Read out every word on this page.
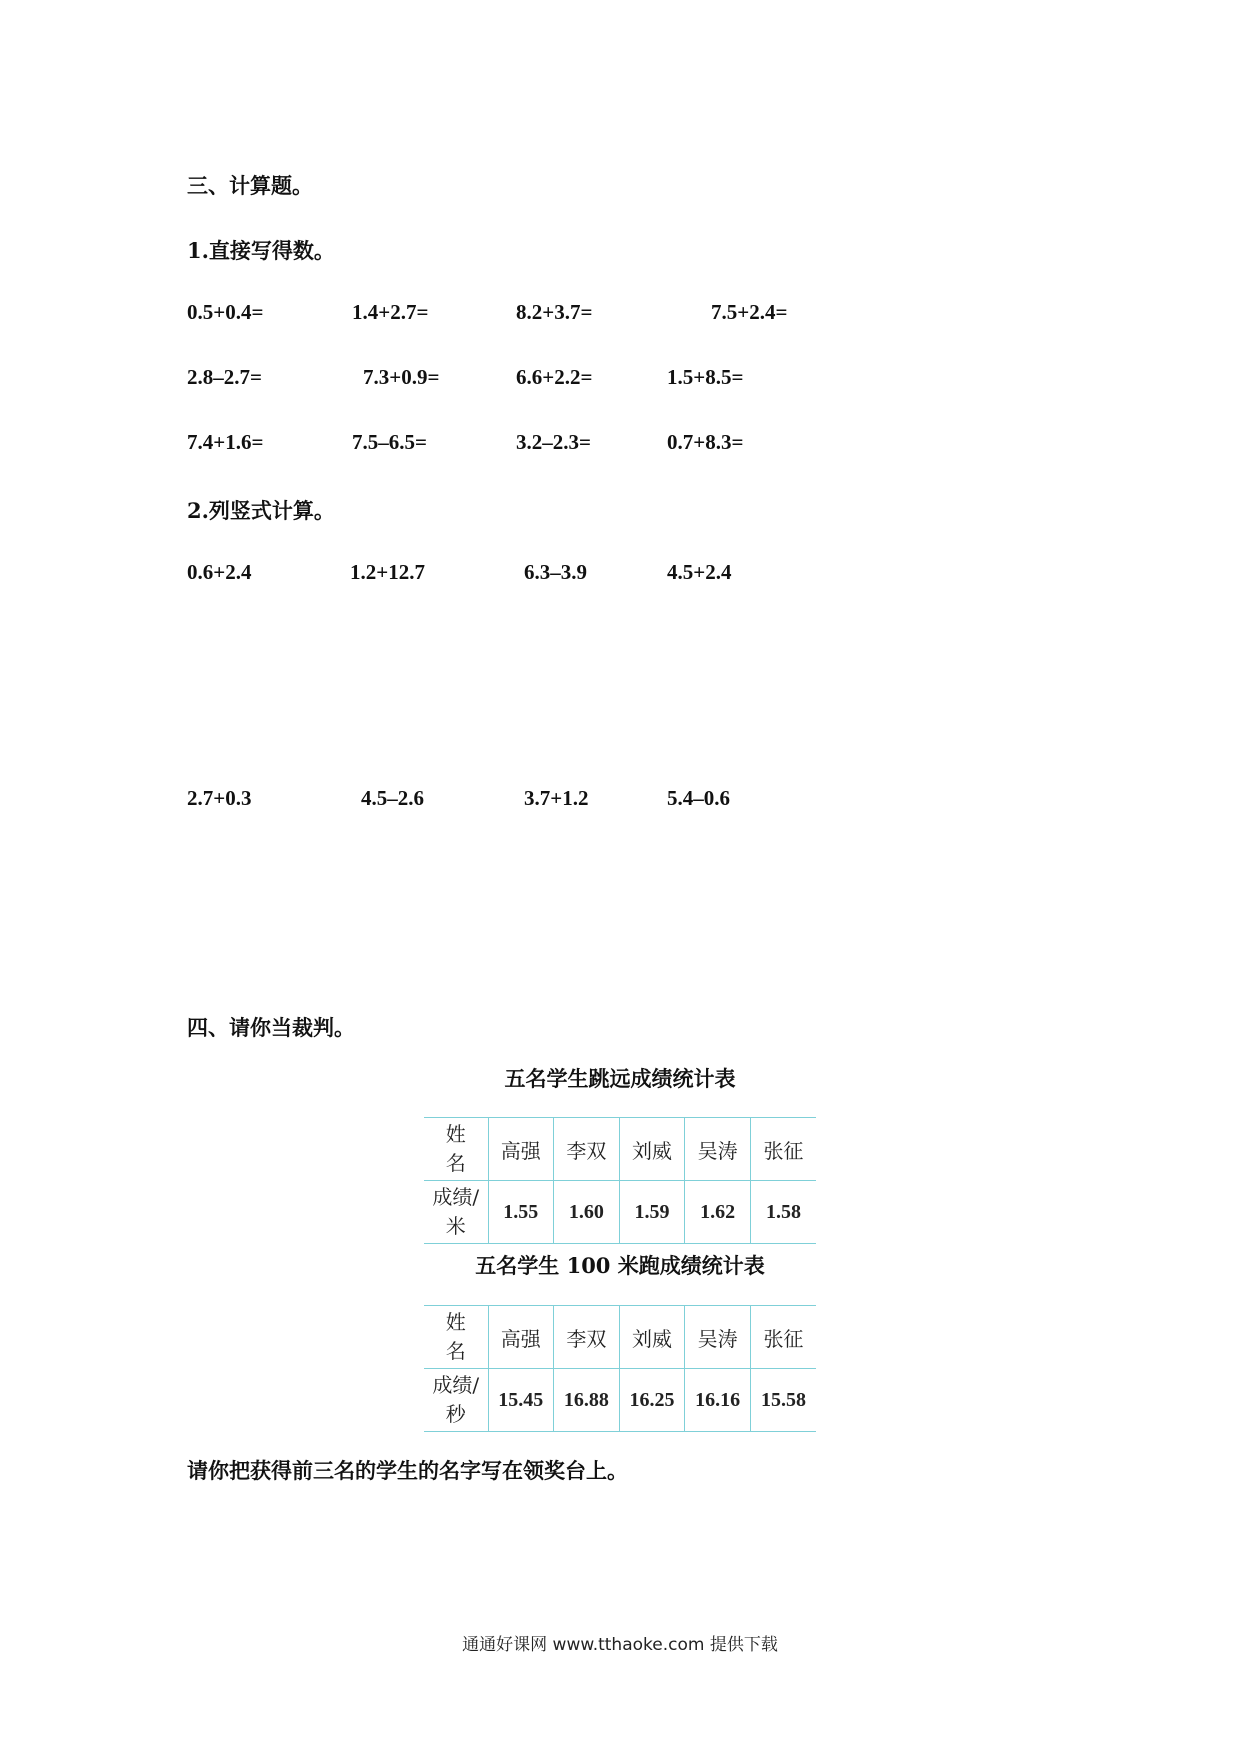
三、计算题。
1.直接写得数。
0.5+0.4=	1.4+2.7=	8.2+3.7=	7.5+2.4=
2.8–2.7=	7.3+0.9=	6.6+2.2=	1.5+8.5=
7.4+1.6=	7.5–6.5=	3.2–2.3=	0.7+8.3=
2.列竖式计算。
0.6+2.4	1.2+12.7	6.3–3.9	4.5+2.4
2.7+0.3	4.5–2.6	3.7+1.2	5.4–0.6
四、请你当裁判。
五名学生跳远成绩统计表
姓名	高强	李双	刘威	吴涛	张征
成绩/米	1.55	1.60	1.59	1.62	1.58
五名学生 100 米跑成绩统计表
姓名	高强	李双	刘威	吴涛	张征
成绩/秒	15.45	16.88	16.25	16.16	15.58
请你把获得前三名的学生的名字写在领奖台上。
通通好课网 www.tthaoke.com 提供下载
